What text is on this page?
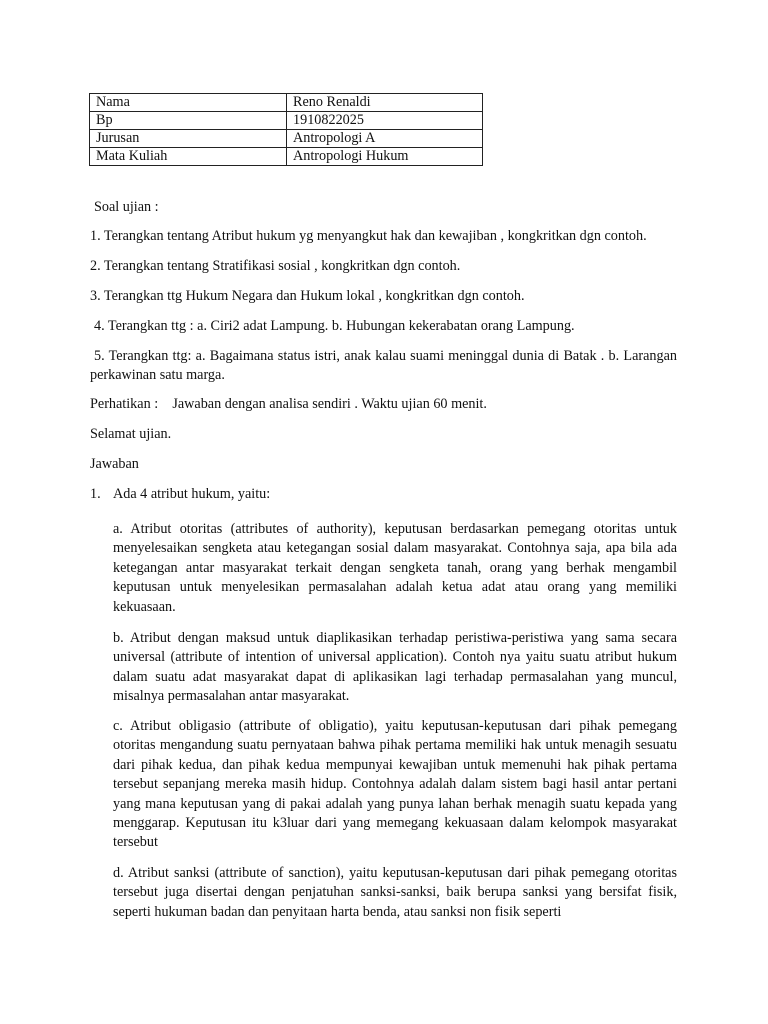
Nama	Reno Renaldi
Bp	1910822025
Jurusan	Antropologi A
Mata Kuliah	Antropologi Hukum
Soal ujian :
1. Terangkan tentang Atribut hukum yg menyangkut hak dan kewajiban , kongkritkan dgn contoh.
2. Terangkan tentang Stratifikasi sosial , kongkritkan dgn contoh.
3. Terangkan ttg Hukum Negara dan Hukum lokal , kongkritkan dgn contoh.
4. Terangkan ttg : a. Ciri2 adat Lampung. b. Hubungan kekerabatan orang Lampung.
5. Terangkan ttg: a. Bagaimana status istri, anak kalau suami meninggal dunia di Batak . b. Larangan perkawinan satu marga.
Perhatikan :    Jawaban dengan analisa sendiri . Waktu ujian 60 menit.
Selamat ujian.
Jawaban
1. Ada 4 atribut hukum, yaitu:

a. Atribut otoritas (attributes of authority), keputusan berdasarkan pemegang otoritas untuk menyelesaikan sengketa atau ketegangan sosial dalam masyarakat. Contohnya saja, apa bila ada ketegangan antar masyarakat terkait dengan sengketa tanah, orang yang berhak mengambil keputusan untuk menyelesikan permasalahan adalah ketua adat atau orang yang memiliki kekuasaan.

b. Atribut dengan maksud untuk diaplikasikan terhadap peristiwa-peristiwa yang sama secara universal (attribute of intention of universal application). Contoh nya yaitu suatu atribut hukum dalam suatu adat masyarakat dapat di aplikasikan lagi terhadap permasalahan yang muncul, misalnya permasalahan antar masyarakat.

c. Atribut obligasio (attribute of obligatio), yaitu keputusan-keputusan dari pihak pemegang otoritas mengandung suatu pernyataan bahwa pihak pertama memiliki hak untuk menagih sesuatu dari pihak kedua, dan pihak kedua mempunyai kewajiban untuk memenuhi hak pihak pertama tersebut sepanjang mereka masih hidup. Contohnya adalah dalam sistem bagi hasil antar pertani yang mana keputusan yang di pakai adalah yang punya lahan berhak menagih suatu kepada yang menggarap. Keputusan itu k3luar dari yang memegang kekuasaan dalam kelompok masyarakat tersebut

d. Atribut sanksi (attribute of sanction), yaitu keputusan-keputusan dari pihak pemegang otoritas tersebut juga disertai dengan penjatuhan sanksi-sanksi, baik berupa sanksi yang bersifat fisik, seperti hukuman badan dan penyitaan harta benda, atau sanksi non fisik seperti
